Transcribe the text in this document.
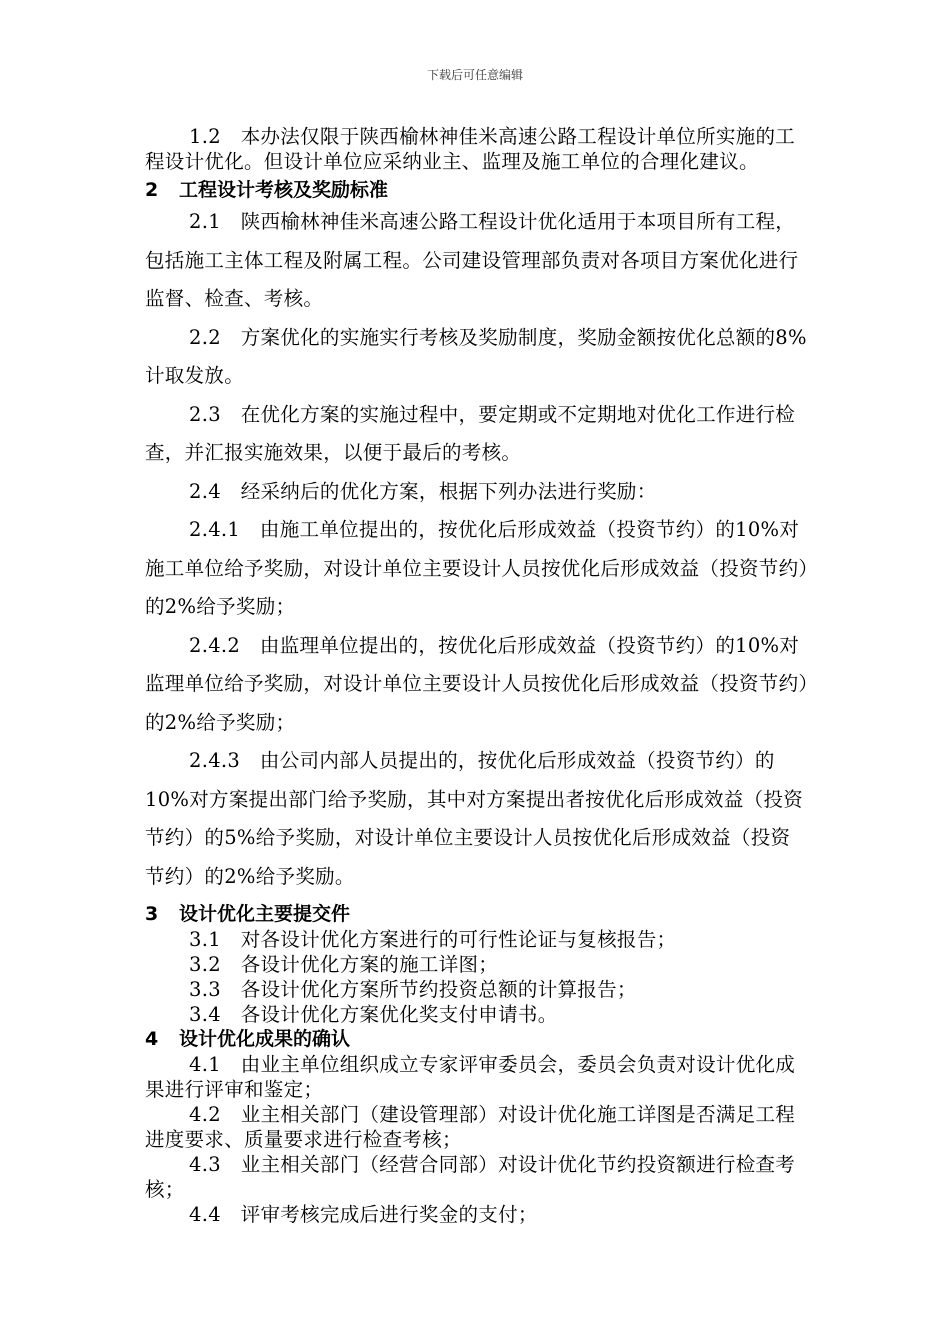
下载后可任意编辑

1.2　本办法仅限于陕西榆林神佳米高速公路工程设计单位所实施的工程设计优化。但设计单位应采纳业主、监理及施工单位的合理化建议。

2 工程设计考核及奖励标准

2.1　陕西榆林神佳米高速公路工程设计优化适用于本项目所有工程，包括施工主体工程及附属工程。公司建设管理部负责对各项目方案优化进行监督、检查、考核。

2.2　方案优化的实施实行考核及奖励制度，奖励金额按优化总额的8%计取发放。

2.3　在优化方案的实施过程中，要定期或不定期地对优化工作进行检查，并汇报实施效果，以便于最后的考核。

2.4　经采纳后的优化方案，根据下列办法进行奖励：

2.4.1　由施工单位提出的，按优化后形成效益（投资节约）的10%对施工单位给予奖励，对设计单位主要设计人员按优化后形成效益（投资节约）的2%给予奖励；

2.4.2　由监理单位提出的，按优化后形成效益（投资节约）的10%对监理单位给予奖励，对设计单位主要设计人员按优化后形成效益（投资节约）的2%给予奖励；

2.4.3　由公司内部人员提出的，按优化后形成效益（投资节约）的10%对方案提出部门给予奖励，其中对方案提出者按优化后形成效益（投资节约）的5%给予奖励，对设计单位主要设计人员按优化后形成效益（投资节约）的2%给予奖励。

3 设计优化主要提交件

3.1　对各设计优化方案进行的可行性论证与复核报告；

3.2　各设计优化方案的施工详图；

3.3　各设计优化方案所节约投资总额的计算报告；

3.4　各设计优化方案优化奖支付申请书。

4 设计优化成果的确认

4.1　由业主单位组织成立专家评审委员会，委员会负责对设计优化成果进行评审和鉴定；

4.2　业主相关部门（建设管理部）对设计优化施工详图是否满足工程进度要求、质量要求进行检查考核；

4.3　业主相关部门（经营合同部）对设计优化节约投资额进行检查考核；

4.4　评审考核完成后进行奖金的支付；
